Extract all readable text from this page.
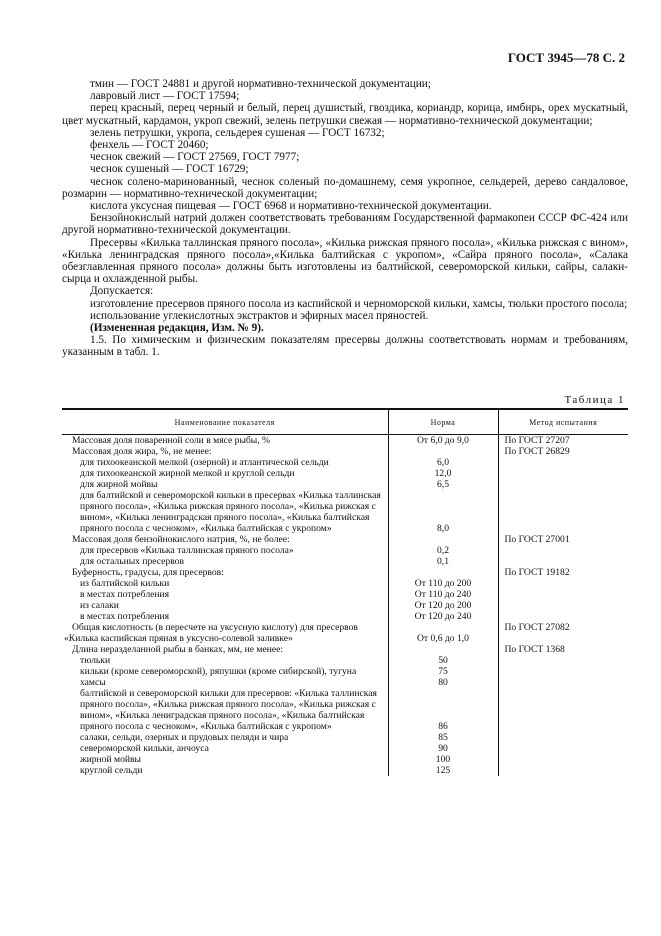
ГОСТ 3945—78 С. 2

тмин — ГОСТ 24881 и другой нормативно-технической документации;

лавровый лист — ГОСТ 17594;

перец красный, перец черный и белый, перец душистый, гвоздика, кориандр, корица, имбирь, орех мускатный, цвет мускатный, кардамон, укроп свежий, зелень петрушки свежая — нормативно-технической документации;

зелень петрушки, укропа, сельдерея сушеная — ГОСТ 16732;

фенхель — ГОСТ 20460;

чеснок свежий — ГОСТ 27569, ГОСТ 7977;

чеснок сушеный — ГОСТ 16729;

чеснок солено-маринованный, чеснок соленый по-домашнему, семя укропное, сельдерей, дерево сандаловое, розмарин — нормативно-технической документации;

кислота уксусная пищевая — ГОСТ 6968 и нормативно-технической документации.

Бензойнокислый натрий должен соответствовать требованиям Государственной фармакопеи СССР ФС-424 или другой нормативно-технической документации.

Пресервы «Килька таллинская пряного посола», «Килька рижская пряного посола», «Килька рижская с вином», «Килька ленинградская пряного посола»,«Килька балтийская с укропом», «Сайра пряного посола», «Салака обезглавленная пряного посола» должны быть изготовлены из балтийской, североморской кильки, сайры, салаки-сырца и охлажденной рыбы.

Допускается:

изготовление пресервов пряного посола из каспийской и черноморской кильки, хамсы, тюльки простого посола;

использование углекислотных экстрактов и эфирных масел пряностей.

(Измененная редакция, Изм. № 9).

1.5. По химическим и физическим показателям пресервы должны соответствовать нормам и требованиям, указанным в табл. 1.

Таблица 1
Наименование показателя	Норма	Метод испытания
Массовая доля поваренной соли в мясе рыбы, %	От 6,0 до 9,0	По ГОСТ 27207
Массовая доля жира, %, не менее:		По ГОСТ 26829

для тихоокеанской мелкой (озерной) и атлантической сельди	6,0	

для тихоокеанской жирной мелкой и круглой сельди	12,0	

для жирной мойвы	6,5	

для балтийской и североморской кильки в пресервах «Килька таллинская пряного посола», «Килька рижская пряного посола», «Килька рижская с вином», «Килька ленинградская пряного посола», «Килька балтийская пряного посола с чесноком», «Килька балтийская с укропом»	8,0	
Массовая доля бензойнокислого натрия, %, не более:		По ГОСТ 27001

для пресервов «Килька таллинская пряного посола»	0,2	

для остальных пресервов	0,1	
Буферность, градусы, для пресервов:		По ГОСТ 19182

из балтийской кильки	От 110 до 200	

в местах потребления	От 110 до 240	

из салаки	От 120 до 200	

в местах потребления	От 120 до 240	
Общая кислотность (в пересчете на уксусную кислоту) для пресервов «Килька каспийская пряная в уксусно-солевой заливке»	От 0,6 до 1,0	По ГОСТ 27082
Длина неразделанной рыбы в банках, мм, не менее:		По ГОСТ 1368

тюльки	50	

кильки (кроме североморской), ряпушки (кроме сибирской), тугуна	75	

хамсы	80	

балтийской и североморской кильки для пресервов: «Килька таллинская пряного посола», «Килька рижская пряного посола», «Килька рижская с вином», «Килька лениградская пряного посола», «Килька балтийская пряного посола с чесноком», «Килька балтийская с укропом»	86	

салаки, сельди, озерных и прудовых пеляди и чира	85	

североморской кильки, анчоуса	90	

жирной мойвы	100	

круглой сельди	125	
